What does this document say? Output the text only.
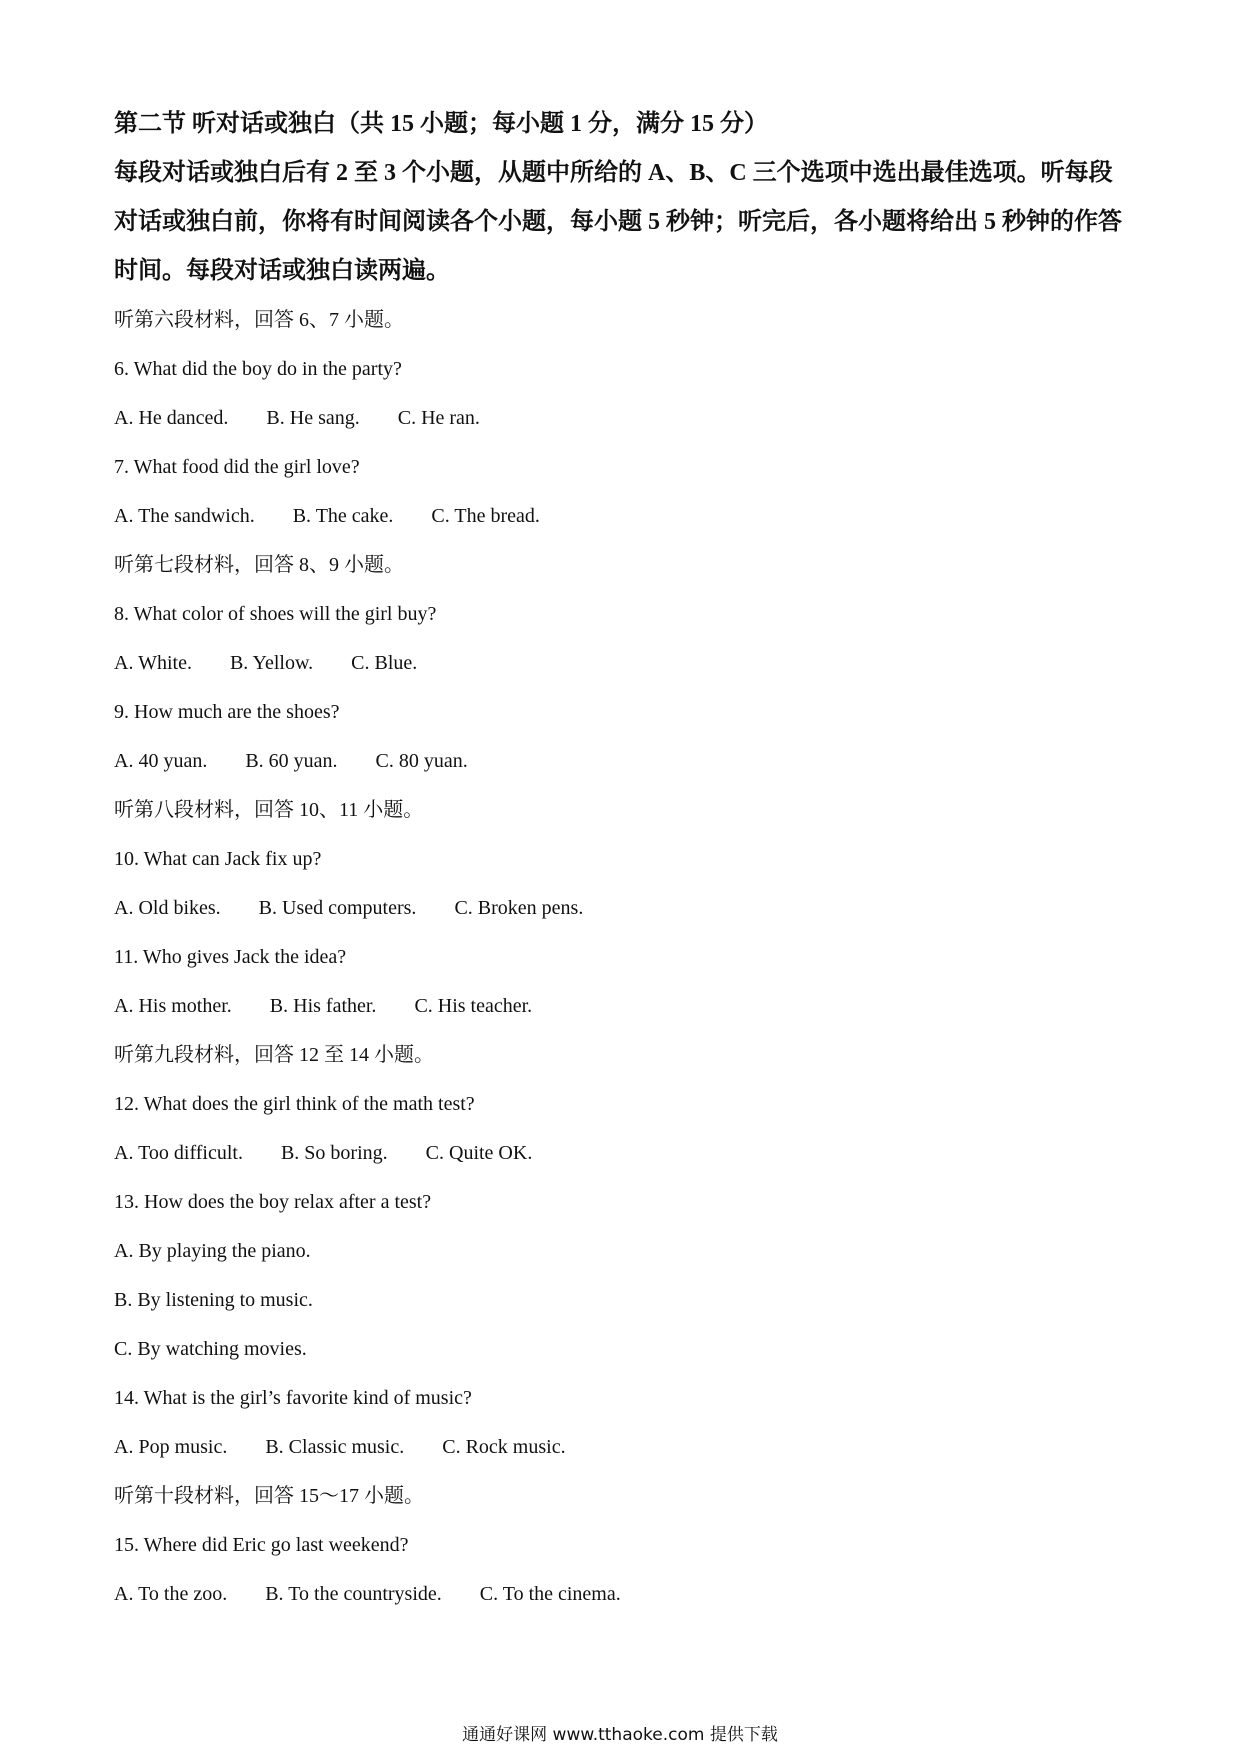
第二节 听对话或独白（共 15 小题；每小题 1 分，满分 15 分）

每段对话或独白后有 2 至 3 个小题，从题中所给的 A、B、C 三个选项中选出最佳选项。听每段对话或独白前，你将有时间阅读各个小题，每小题 5 秒钟；听完后，各小题将给出 5 秒钟的作答时间。每段对话或独白读两遍。

听第六段材料，回答 6、7 小题。
6. What did the boy do in the party?
A. He danced. B. He sang. C. He ran.
7. What food did the girl love?
A. The sandwich. B. The cake. C. The bread.
听第七段材料，回答 8、9 小题。
8. What color of shoes will the girl buy?
A. White. B. Yellow. C. Blue.
9. How much are the shoes?
A. 40 yuan. B. 60 yuan. C. 80 yuan.
听第八段材料，回答 10、11 小题。
10. What can Jack fix up?
A. Old bikes. B. Used computers. C. Broken pens.
11. Who gives Jack the idea?
A. His mother. B. His father. C. His teacher.
听第九段材料，回答 12 至 14 小题。
12. What does the girl think of the math test?
A. Too difficult. B. So boring. C. Quite OK.
13. How does the boy relax after a test?
A. By playing the piano.
B. By listening to music.
C. By watching movies.
14. What is the girl’s favorite kind of music?
A. Pop music. B. Classic music. C. Rock music.
听第十段材料，回答 15～17 小题。
15. Where did Eric go last weekend?
A. To the zoo. B. To the countryside. C. To the cinema.
通通好课网 www.tthaoke.com 提供下载
